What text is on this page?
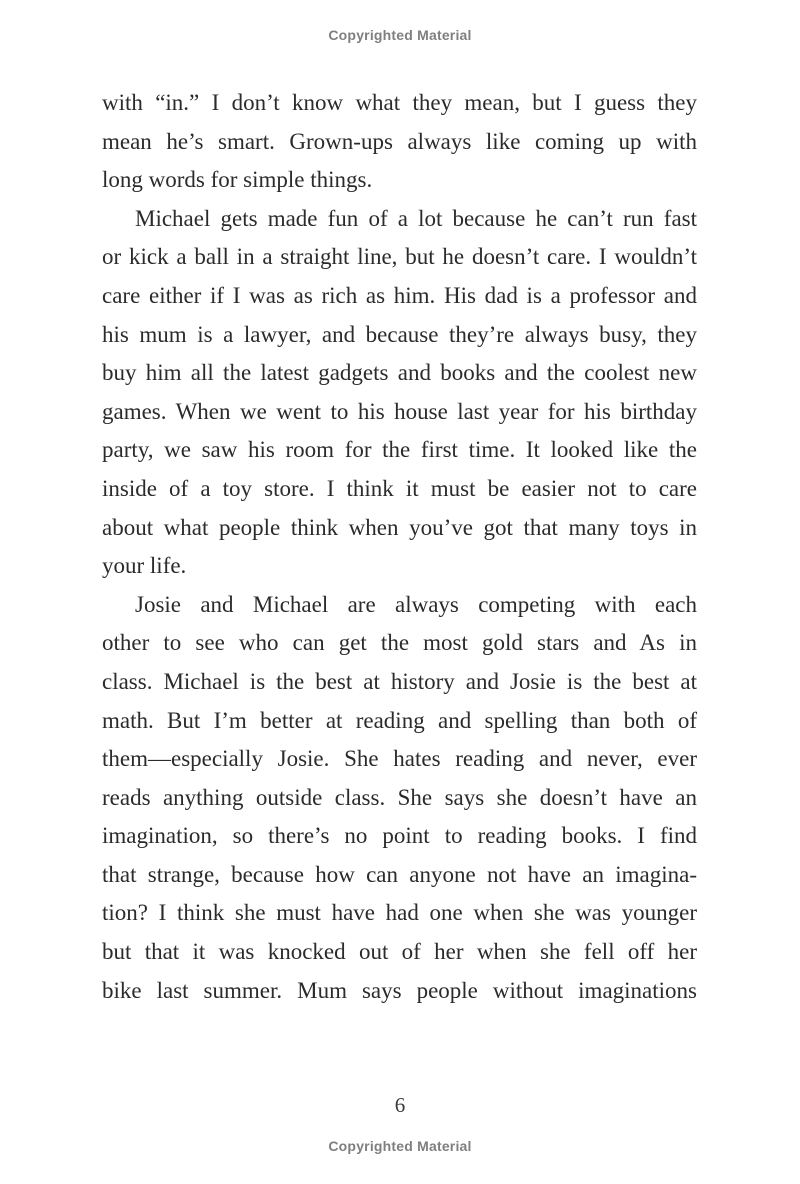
Copyrighted Material
with “in.” I don’t know what they mean, but I guess they
mean he’s smart. Grown-ups always like coming up with
long words for simple things.
Michael gets made fun of a lot because he can’t run fast
or kick a ball in a straight line, but he doesn’t care. I wouldn’t
care either if I was as rich as him. His dad is a professor and
his mum is a lawyer, and because they’re always busy, they
buy him all the latest gadgets and books and the coolest new
games. When we went to his house last year for his birthday
party, we saw his room for the first time. It looked like the
inside of a toy store. I think it must be easier not to care
about what people think when you’ve got that many toys in
your life.
Josie and Michael are always competing with each
other to see who can get the most gold stars and As in
class. Michael is the best at history and Josie is the best at
math. But I’m better at reading and spelling than both of
them—especially Josie. She hates reading and never, ever
reads anything outside class. She says she doesn’t have an
imagination, so there’s no point to reading books. I find
that strange, because how can anyone not have an imagina-
tion? I think she must have had one when she was younger
but that it was knocked out of her when she fell off her
bike last summer. Mum says people without imaginations
6
Copyrighted Material
